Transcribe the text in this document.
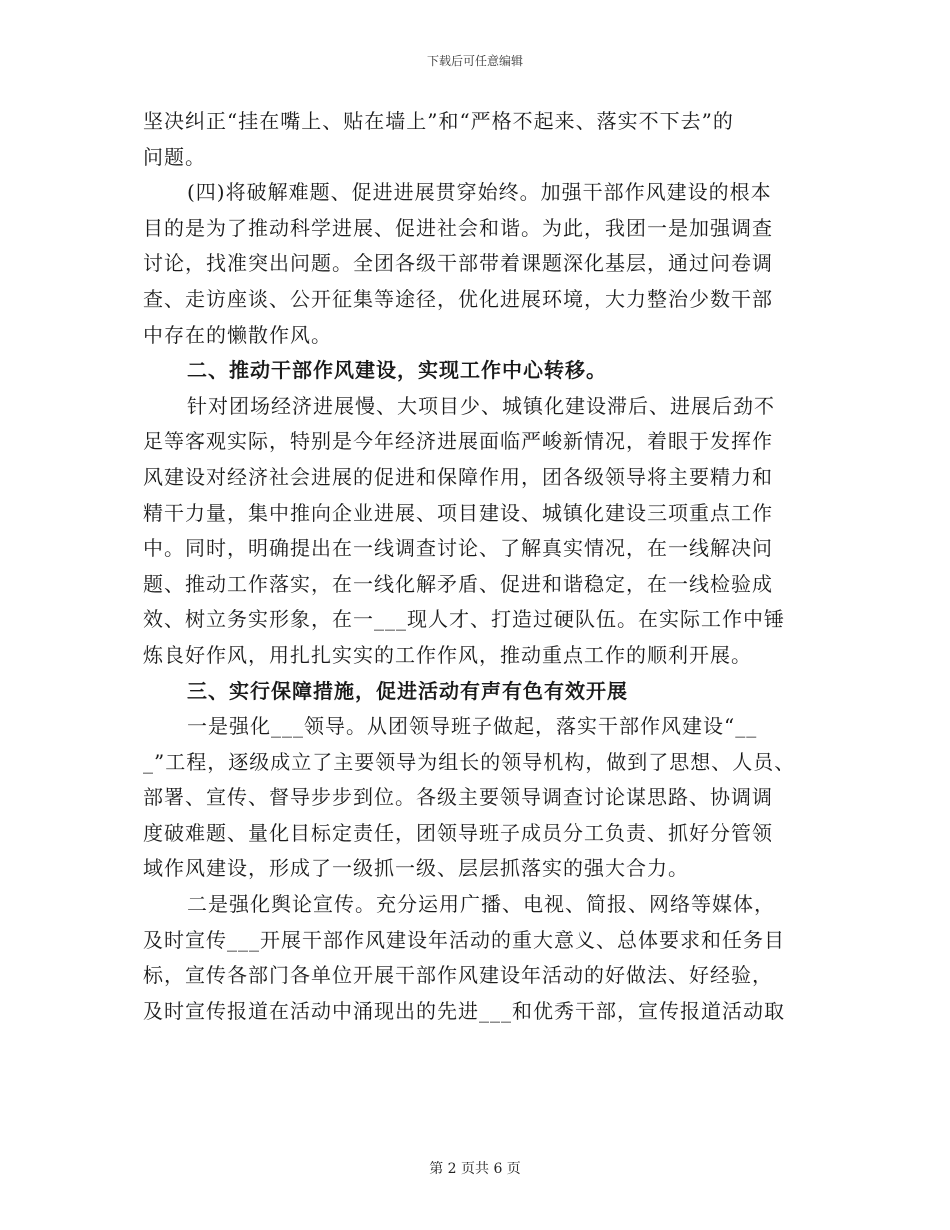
下载后可任意编辑
坚决纠正“挂在嘴上、贴在墙上”和“严格不起来、落实不下去”的
问题。
(四)将破解难题、促进进展贯穿始终。加强干部作风建设的根本
目的是为了推动科学进展、促进社会和谐。为此，我团一是加强调查
讨论，找准突出问题。全团各级干部带着课题深化基层，通过问卷调
查、走访座谈、公开征集等途径，优化进展环境，大力整治少数干部
中存在的懒散作风。
二、推动干部作风建设，实现工作中心转移。
针对团场经济进展慢、大项目少、城镇化建设滞后、进展后劲不
足等客观实际，特别是今年经济进展面临严峻新情况，着眼于发挥作
风建设对经济社会进展的促进和保障作用，团各级领导将主要精力和
精干力量，集中推向企业进展、项目建设、城镇化建设三项重点工作
中。同时，明确提出在一线调查讨论、了解真实情况，在一线解决问
题、推动工作落实，在一线化解矛盾、促进和谐稳定，在一线检验成
效、树立务实形象，在一___现人才、打造过硬队伍。在实际工作中锤
炼良好作风，用扎扎实实的工作作风，推动重点工作的顺利开展。
三、实行保障措施，促进活动有声有色有效开展
一是强化___领导。从团领导班子做起，落实干部作风建设“__
_”工程，逐级成立了主要领导为组长的领导机构，做到了思想、人员、
部署、宣传、督导步步到位。各级主要领导调查讨论谋思路、协调调
度破难题、量化目标定责任，团领导班子成员分工负责、抓好分管领
域作风建设，形成了一级抓一级、层层抓落实的强大合力。
二是强化舆论宣传。充分运用广播、电视、简报、网络等媒体，
及时宣传___开展干部作风建设年活动的重大意义、总体要求和任务目
标，宣传各部门各单位开展干部作风建设年活动的好做法、好经验，
及时宣传报道在活动中涌现出的先进___和优秀干部，宣传报道活动取
第 2 页共 6 页
